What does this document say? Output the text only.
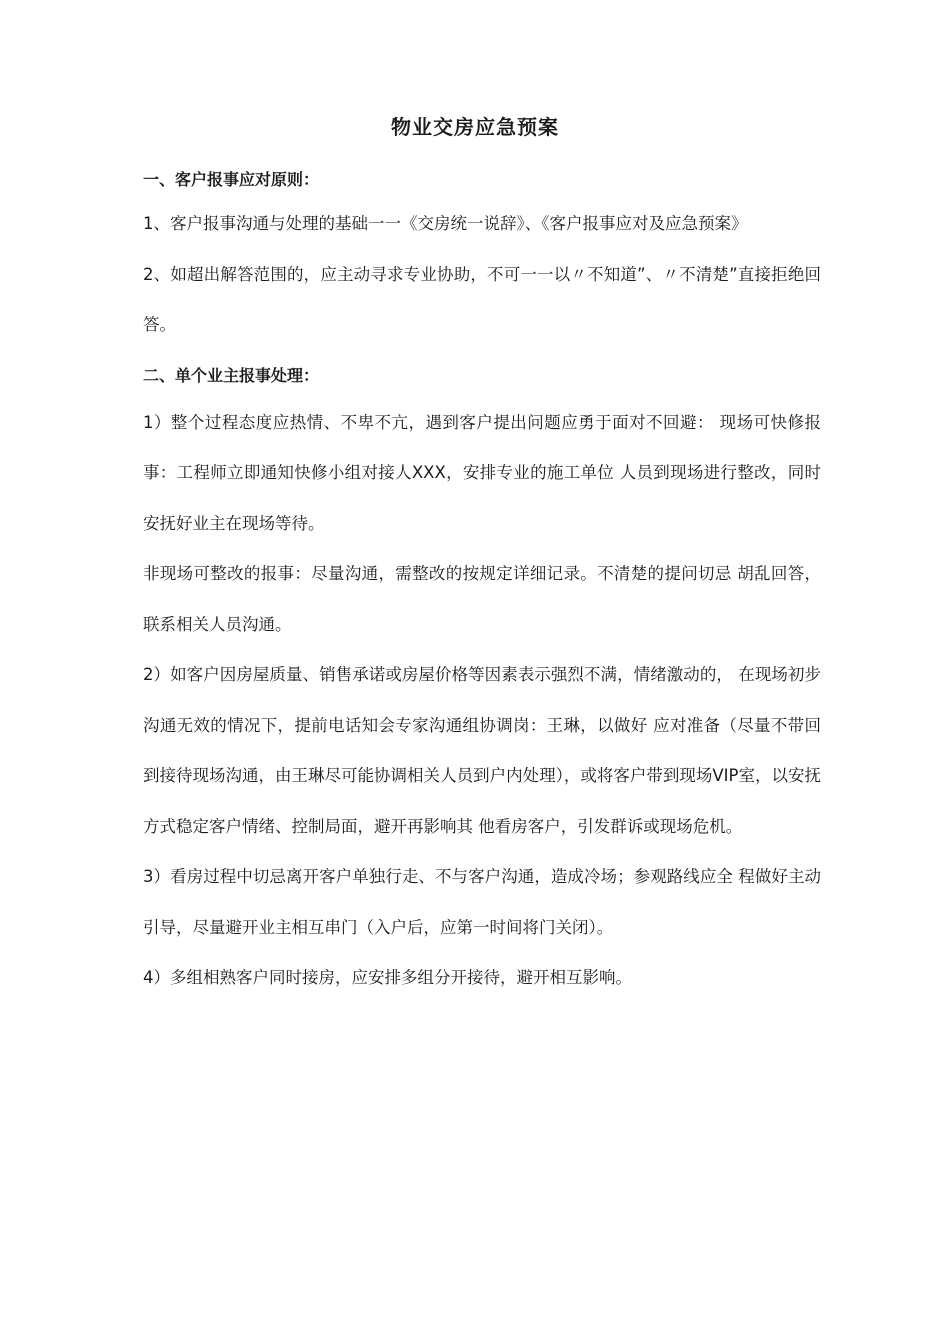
物业交房应急预案

一、客户报事应对原则：

1、客户报事沟通与处理的基础一一《交房统一说辞》、《客户报事应对及应急预案》

2、如超出解答范围的，应主动寻求专业协助，不可一一以〃不知道”、〃不清楚”直接拒绝回答。

二、单个业主报事处理：

1）整个过程态度应热情、不卑不亢，遇到客户提出问题应勇于面对不回避： 现场可快修报事：工程师立即通知快修小组对接人XXX，安排专业的施工单位 人员到现场进行整改，同时安抚好业主在现场等待。

非现场可整改的报事：尽量沟通，需整改的按规定详细记录。不清楚的提问切忌 胡乱回答，联系相关人员沟通。

2）如客户因房屋质量、销售承诺或房屋价格等因素表示强烈不满，情绪激动的， 在现场初步沟通无效的情况下，提前电话知会专家沟通组协调岗：王琳，以做好 应对准备（尽量不带回到接待现场沟通，由王琳尽可能协调相关人员到户内处理），或将客户带到现场VIP室，以安抚方式稳定客户情绪、控制局面，避开再影响其 他看房客户，引发群诉或现场危机。

3）看房过程中切忌离开客户单独行走、不与客户沟通，造成冷场；参观路线应全 程做好主动引导，尽量避开业主相互串门（入户后，应第一时间将门关闭）。

4）多组相熟客户同时接房，应安排多组分开接待，避开相互影响。
